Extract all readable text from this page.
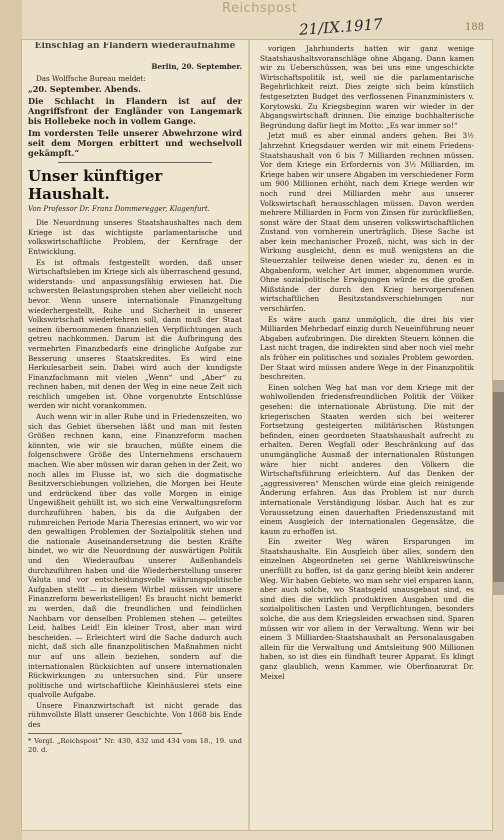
Reichspost
21/IX.1917	188
Einschlag an Flandern wiederaufnahme
Berlin, 20. September.

Das Wolffsche Bureau meldet:

„20. September. Abends.
Die Schlacht in Flandern ist auf der Angriffsfront der Engländer von Langemark bis Hollebeke noch in vollem Gange.
Im vordersten Teile unserer Abwehrzone wird seit dem Morgen erbittert und wechselvoll gekämpft.“
Unser künftiger Haushalt.
Von Professor Dr. Franz Dommeregger, Klagenfurt.

Die Neuordnung unseres Staatshaushaltes nach dem Kriege ist das wichtigste parlamentarische und volkswirtschaftliche Problem, der Kernfrage der Entwicklung.

Es ist oftmals festgestellt worden, daß unser Wirtschaftsleben im Kriege sich als überraschend gesund, widerstands- und anpassungsfähig erwiesen hat. Die schwersten Belastungsproben stehen aber vielleicht noch bevor. Wenn unsere internationale Finanzgeltung wiederhergestellt, Ruhe und Sicherheit in unserer Volkswirtschaft wiederkehren soll, dann muß der Staat seinen übernommenen finanziellen Verpflichtungen auch getreu nachkommen. Darum ist die Aufbringung des vermehrten Finanzbedarfs eine dringliche Aufgabe zur Besserung unseres Staatskredites. Es wird eine Herkulesarbeit sein. Dabei wird auch der kundigste Finanzfachmann mit vielen „Wenn“ und „Aber“ zu rechnen haben, mit denen der Weg in eine neue Zeit sich reichlich umgeben ist. Ohne vorgenutzte Entschlüsse werden wir nicht vorankommen.

Auch wenn wir in aller Ruhe und in Friedenszeiten, wo sich das Gebiet übersehen läßt und man mit festen Größen rechnen kann, eine Finanzreform machen könnten, wie wir sie brauchen, müßte einem die folgenschwere Größe des Unternehmens erschauern machen. Wie aber müssen wir daran gehen in der Zeit, wo noch alles im Flusse ist, wo sich die dogmatische Besitzverschiebungen vollziehen, die Morgen bei Heute und erdrückend über das volle Morgen in einige Ungewißheit gehüllt ist, wo sich eine Verwaltungsreform durchzuführen haben, bis da die Aufgaben der ruhmreichen Periode Maria Theresias erinnert, wo wir vor den gewaltigen Problemen der Sozialpolitik stehen und die nationale Auseinandersetzung die besten Kräfte bindet, wo wir die Neuordnung der auswärtigen Politik und den Wiederaufbau unserer Außenhandels durchzuführen haben und die Wiederherstellung unserer Valuta und vor entscheidungsvolle währungspolitische Aufgaben stellt — in diesem Wirbel müssen wir unsere Finanzreform bewerkstelligen! Es braucht nicht bemerkt zu werden, daß die freundlichen und feindlichen Nachbarn vor denselben Problemen stehen — geteiltes Leid, halbes Leid! Ein kleiner Trost, aber man wird bescheiden. — Erleichtert wird die Sache dadurch auch nicht, daß sich alle finanzpolitischen Maßnahmen nicht nur auf uns allein beziehen, sondern auf die internationalen Rücksichten auf unsere internationalen Rückwirkungen zu untersuchen sind. Für unsere politische und wirtschaftliche Kleinhäuslerei stets eine qualvolle Aufgabe.

Unsere Finanzwirtschaft ist nicht gerade das rühmvollste Blatt unserer Geschichte. Von 1868 bis Ende des

* Vergl. „Reichspost“ Nr. 430, 432 und 434 vom 18., 19. und 20. d.

vorigen Jahrhunderts hatten wir ganz wenige Staatshaushaltsvoranschläge ohne Abgang. Dann kamen wir zu Ueberschüssen, was bei uns eine ungeschickte Wirtschaftspolitik ist, weil sie die parlamentarische Begehrlichkeit reizt. Dies zeigte sich beim künstlich festgesetzten Budget des verflossenen Finanzministers v. Korytowski. Zu Kriegsbeginn waren wir wieder in der Abgangswirtschaft drinnen. Die einzige buchhalterische Begründung dafür liegt im Motto: „Es war immer so!“

Jetzt muß es aber einmal anders gehen. Bei 3½ Jahrzehnt Kriegsdauer werden wir mit einem Friedens-Staatshaushalt von 6 bis 7 Milliarden rechnen müssen. Vor dem Kriege ein Erfordernis von 3½ Milliarden, im Kriege haben wir unsere Abgaben im verschiedener Form um 900 Millionen erhöht, nach dem Kriege werden wir noch rund drei Milliarden mehr aus unserer Volkswirtschaft herausschlagen müssen. Davon werden mehrere Milliarden in Form von Zinsen für zurückfließen, sonst wäre der Staat dem unseren volkswirtschaftlichen Zustand von vornherein unerträglich. Diese Sache ist aber kein mechanischer Prozeß, nicht, was sich in der Wirkung ausgleicht, denn es muß wenigstens an die Steuerzahler teilweise denen wieder zu, denen es in Abgabenform, welcher Art immer, abgenommen wurde. Ohne sozialpolitische Erwägungen würde es die großen Mißstände der durch den Krieg hervorgerufenen wirtschaftlichen Besitzstandsverschiebungen nur verschärfen.

Es wäre auch ganz unmöglich, die drei bis vier Milliarden Mehrbedarf einzig durch Neueinführung neuer Abgaben aufzubringen. Die direkten Steuern können die Last nicht tragen, die indirekten sind aber noch viel mehr als früher ein politisches und soziales Problem geworden. Der Staat wird müssen andere Wege in der Finanzpolitik beschreiten.

Einen solchen Weg hat man vor dem Kriege mit der wohlwollenden friedensfreundlichen Politik der Völker gesehen: die internationale Abrüstung. Die mit der kriegerischen Staaten werden sich bei weiterer Fortsetzung gesteigerten militärischen Rüstungen befinden, einen geordneten Staatshaushalt aufrecht zu erhalten. Deren Wegfall oder Beschränkung auf das unumgängliche Ausmaß der internationalen Rüstungen wäre hier nicht anderes den Völkern die Wirtschaftsführung erleichtern. Auf das Denken der „aggressiveren“ Menschen würde eine gleich reinigende Änderung erfahren. Aus das Problem ist nur durch internationale Verständigung lösbar. Auch hat es zur Voraussetzung einen dauerhaften Friedenszustand mit einem Ausgleich der internationalen Gegensätze, die kaum zu erhoffen ist.

Ein zweiter Weg wären Ersparungen im Staatshaushalte. Ein Ausgleich über alles, sondern den einzelnen Abgeordneten sei gerne Wahlkreiswünsche unerfüllt zu hoffen, ist da ganz gering bleibt kein anderer Weg. Wir haben Gebiete, wo man sehr viel ersparen kann, aber auch solche, wo Staatsgeld unausgebaut sind, es sind dies die wirklich produktiven Ausgaben und die sozialpolitischen Lasten und Verpflichtungen, besonders solche, die aus dem Kriegsleiden erwachsen sind. Sparen müssen wir vor allem in der Verwaltung. Wenn wir bei einem 3 Milliarden-Staatshaushalt an Personalausgaben allein für die Verwaltung und Amtsleitung 900 Millionen haben, so ist dies ein fündhaft teurer Apparat. Es klingt ganz glaublich, wenn Kammer, wie Oberfinanzrat Dr. Meixel
